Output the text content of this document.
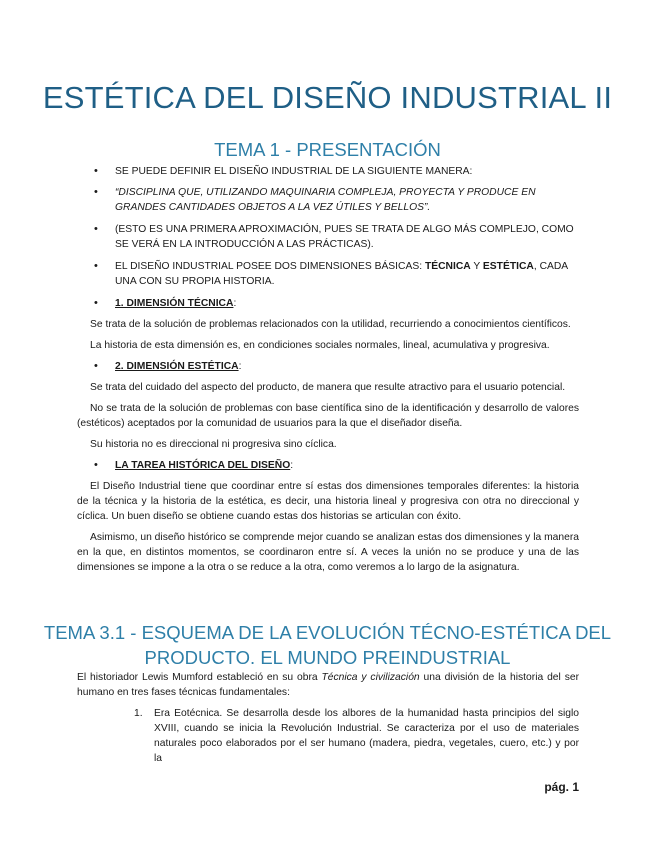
ESTÉTICA DEL DISEÑO INDUSTRIAL II
TEMA 1 - PRESENTACIÓN
• SE PUEDE DEFINIR EL DISEÑO INDUSTRIAL DE LA SIGUIENTE MANERA:
• “DISCIPLINA QUE, UTILIZANDO MAQUINARIA COMPLEJA, PROYECTA Y PRODUCE EN GRANDES CANTIDADES OBJETOS A LA VEZ ÚTILES Y BELLOS”.
• (ESTO ES UNA PRIMERA APROXIMACIÓN, PUES SE TRATA DE ALGO MÁS COMPLEJO, COMO SE VERÁ EN LA INTRODUCCIÓN A LAS PRÁCTICAS).
• EL DISEÑO INDUSTRIAL POSEE DOS DIMENSIONES BÁSICAS: TÉCNICA Y ESTÉTICA, CADA UNA CON SU PROPIA HISTORIA.
• 1. DIMENSIÓN TÉCNICA:

Se trata de la solución de problemas relacionados con la utilidad, recurriendo a conocimientos científicos.

La historia de esta dimensión es, en condiciones sociales normales, lineal, acumulativa y progresiva.

• 2. DIMENSIÓN ESTÉTICA:

Se trata del cuidado del aspecto del producto, de manera que resulte atractivo para el usuario potencial.

No se trata de la solución de problemas con base científica sino de la identificación y desarrollo de valores (estéticos) aceptados por la comunidad de usuarios para la que el diseñador diseña.

Su historia no es direccional ni progresiva sino cíclica.

• LA TAREA HISTÓRICA DEL DISEÑO:

El Diseño Industrial tiene que coordinar entre sí estas dos dimensiones temporales diferentes: la historia de la técnica y la historia de la estética, es decir, una historia lineal y progresiva con otra no direccional y cíclica. Un buen diseño se obtiene cuando estas dos historias se articulan con éxito.

Asimismo, un diseño histórico se comprende mejor cuando se analizan estas dos dimensiones y la manera en la que, en distintos momentos, se coordinaron entre sí. A veces la unión no se produce y una de las dimensiones se impone a la otra o se reduce a la otra, como veremos a lo largo de la asignatura.

TEMA 3.1 - ESQUEMA DE LA EVOLUCIÓN TÉCNO-ESTÉTICA DEL PRODUCTO. EL MUNDO PREINDUSTRIAL

El historiador Lewis Mumford estableció en su obra Técnica y civilización una división de la historia del ser humano en tres fases técnicas fundamentales:

1. Era Eotécnica. Se desarrolla desde los albores de la humanidad hasta principios del siglo XVIII, cuando se inicia la Revolución Industrial. Se caracteriza por el uso de materiales naturales poco elaborados por el ser humano (madera, piedra, vegetales, cuero, etc.) y por la

pág. 1
